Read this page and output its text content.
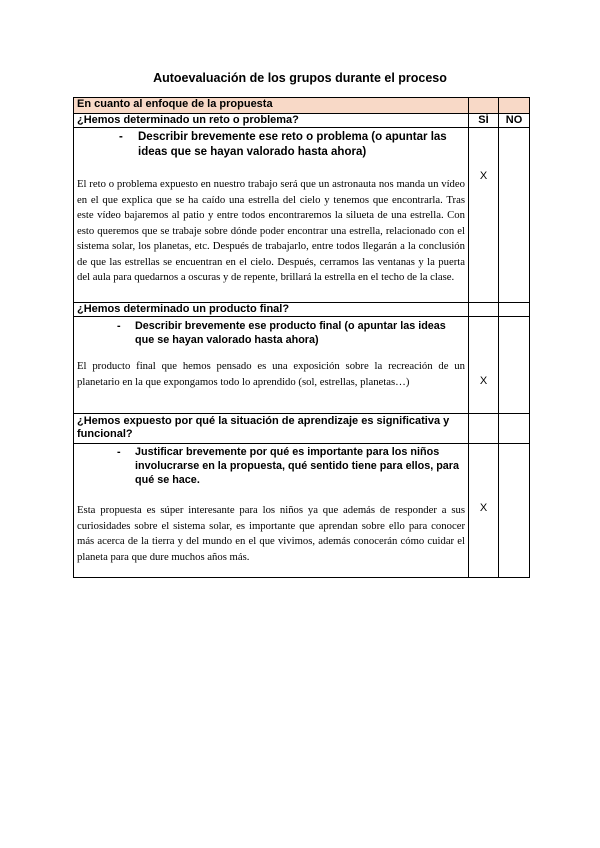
Autoevaluación de los grupos durante el proceso
En cuanto al enfoque de la propuesta		
¿Hemos determinado un reto o problema?	SÍ	NO

- Describir brevemente ese reto o problema (o apuntar las ideas que se hayan valorado hasta ahora)
El reto o problema expuesto en nuestro trabajo será que un astronauta nos manda un vídeo en el que explica que se ha caído una estrella del cielo y tenemos que encontrarla. Tras este vídeo bajaremos al patio y entre todos encontraremos la silueta de una estrella. Con esto queremos que se trabaje sobre dónde poder encontrar una estrella, relacionado con el sistema solar, los planetas, etc. Después de trabajarlo, entre todos llegarán a la conclusión de que las estrellas se encuentran en el cielo. Después, cerramos las ventanas y la puerta del aula para quedarnos a oscuras y de repente, brillará la estrella en el techo de la clase.	X	

¿Hemos determinado un producto final?		

- Describir brevemente ese producto final (o apuntar las ideas que se hayan valorado hasta ahora)
El producto final que hemos pensado es una exposición sobre la recreación de un planetario en la que expongamos todo lo aprendido (sol, estrellas, planetas…)	X	

¿Hemos expuesto por qué la situación de aprendizaje es significativa y funcional?		

- Justificar brevemente por qué es importante para los niños involucrarse en la propuesta, qué sentido tiene para ellos, para qué se hace.
Esta propuesta es súper interesante para los niños ya que además de responder a sus curiosidades sobre el sistema solar, es importante que aprendan sobre ello para conocer más acerca de la tierra y del mundo en el que vivimos, además conocerán cómo cuidar el planeta para que dure muchos años más.	X	
